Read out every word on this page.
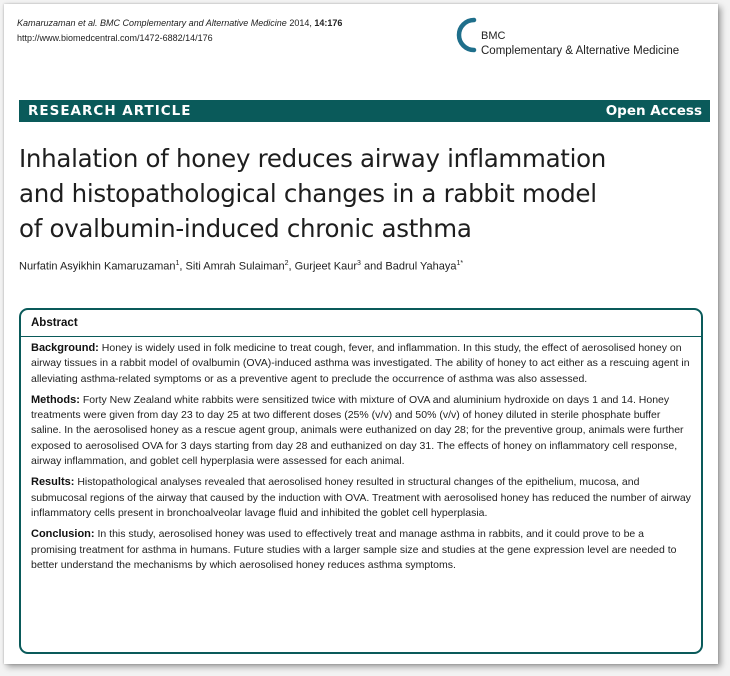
Kamaruzaman et al. BMC Complementary and Alternative Medicine 2014, 14:176
http://www.biomedcentral.com/1472-6882/14/176	BMC
Complementary & Alternative Medicine
RESEARCH ARTICLE	Open Access
Inhalation of honey reduces airway inflammation
and histopathological changes in a rabbit model
of ovalbumin-induced chronic asthma
Nurfatin Asyikhin Kamaruzaman$^1$, Siti Amrah Sulaiman$^2$, Gurjeet Kaur$^3$ and Badrul Yahaya$^{1*}$
Abstract

Background: Honey is widely used in folk medicine to treat cough, fever, and inflammation. In this study, the effect of aerosolised honey on airway tissues in a rabbit model of ovalbumin (OVA)-induced asthma was investigated. The ability of honey to act either as a rescuing agent in alleviating asthma-related symptoms or as a preventive agent to preclude the occurrence of asthma was also assessed.

Methods: Forty New Zealand white rabbits were sensitized twice with mixture of OVA and aluminium hydroxide on days 1 and 14. Honey treatments were given from day 23 to day 25 at two different doses (25% (v/v) and 50% (v/v) of honey diluted in sterile phosphate buffer saline. In the aerosolised honey as a rescue agent group, animals were euthanized on day 28; for the preventive group, animals were further exposed to aerosolised OVA for 3 days starting from day 28 and euthanized on day 31. The effects of honey on inflammatory cell response, airway inflammation, and goblet cell hyperplasia were assessed for each animal.

Results: Histopathological analyses revealed that aerosolised honey resulted in structural changes of the epithelium, mucosa, and submucosal regions of the airway that caused by the induction with OVA. Treatment with aerosolised honey has reduced the number of airway inflammatory cells present in bronchoalveolar lavage fluid and inhibited the goblet cell hyperplasia.

Conclusion: In this study, aerosolised honey was used to effectively treat and manage asthma in rabbits, and it could prove to be a promising treatment for asthma in humans. Future studies with a larger sample size and studies at the gene expression level are needed to better understand the mechanisms by which aerosolised honey reduces asthma symptoms.
